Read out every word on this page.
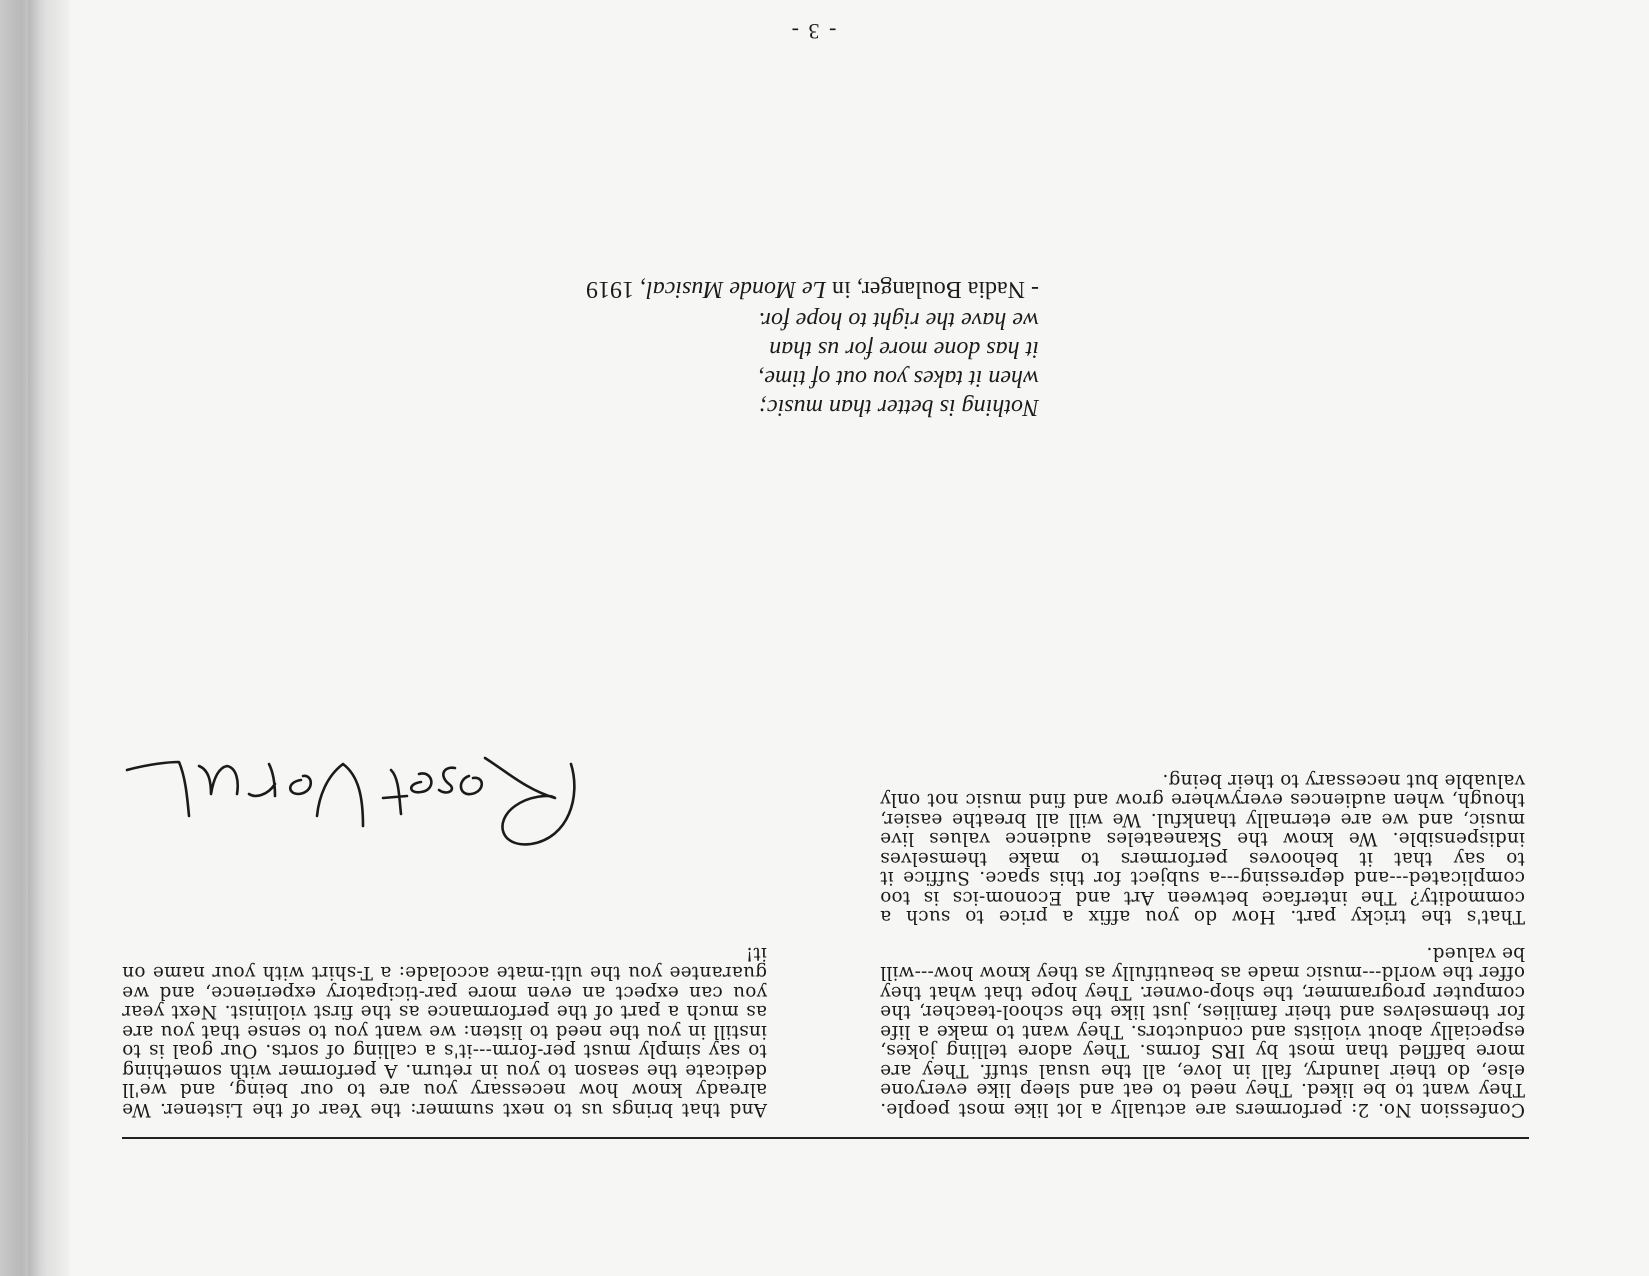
- 3 -
Nothing is better than music;
when it takes you out of time,
it has done more for us than
we have the right to hope for.
- Nadia Boulanger, in Le Monde Musical, 1919

Confession No. 2: performers are actually a lot like most people. They want to be liked. They need to eat and sleep like everyone else, do their laundry, fall in love, all the usual stuff. They are more baffled than most by IRS forms. They adore telling jokes, especially about violists and conductors. They want to make a life for themselves and their families, just like the school-teacher, the computer programmer, the shop-owner. They hope that what they offer the world---music made as beautifully as they know how---will be valued.

That's the tricky part. How do you affix a price to such a commodity? The interface between Art and Econom-ics is too complicated---and depressing---a subject for this space. Suffice it to say that it behooves performers to make themselves indispensible. We know the Skaneateles audience values live music, and we are eternally thankful. We will all breathe easier, though, when audiences everywhere grow and find music not only valuable but necessary to their being.

And that brings us to next summer: the Year of the Listener. We already know how necessary you are to our being, and we'll dedicate the season to you in return. A performer with something to say simply must per-form---it's a calling of sorts. Our goal is to instill in you the need to listen: we want you to sense that you are as much a part of the performance as the first violinist. Next year you can expect an even more par-ticipatory experience, and we guarantee you the ulti-mate accolade: a T-shirt with your name on it!
